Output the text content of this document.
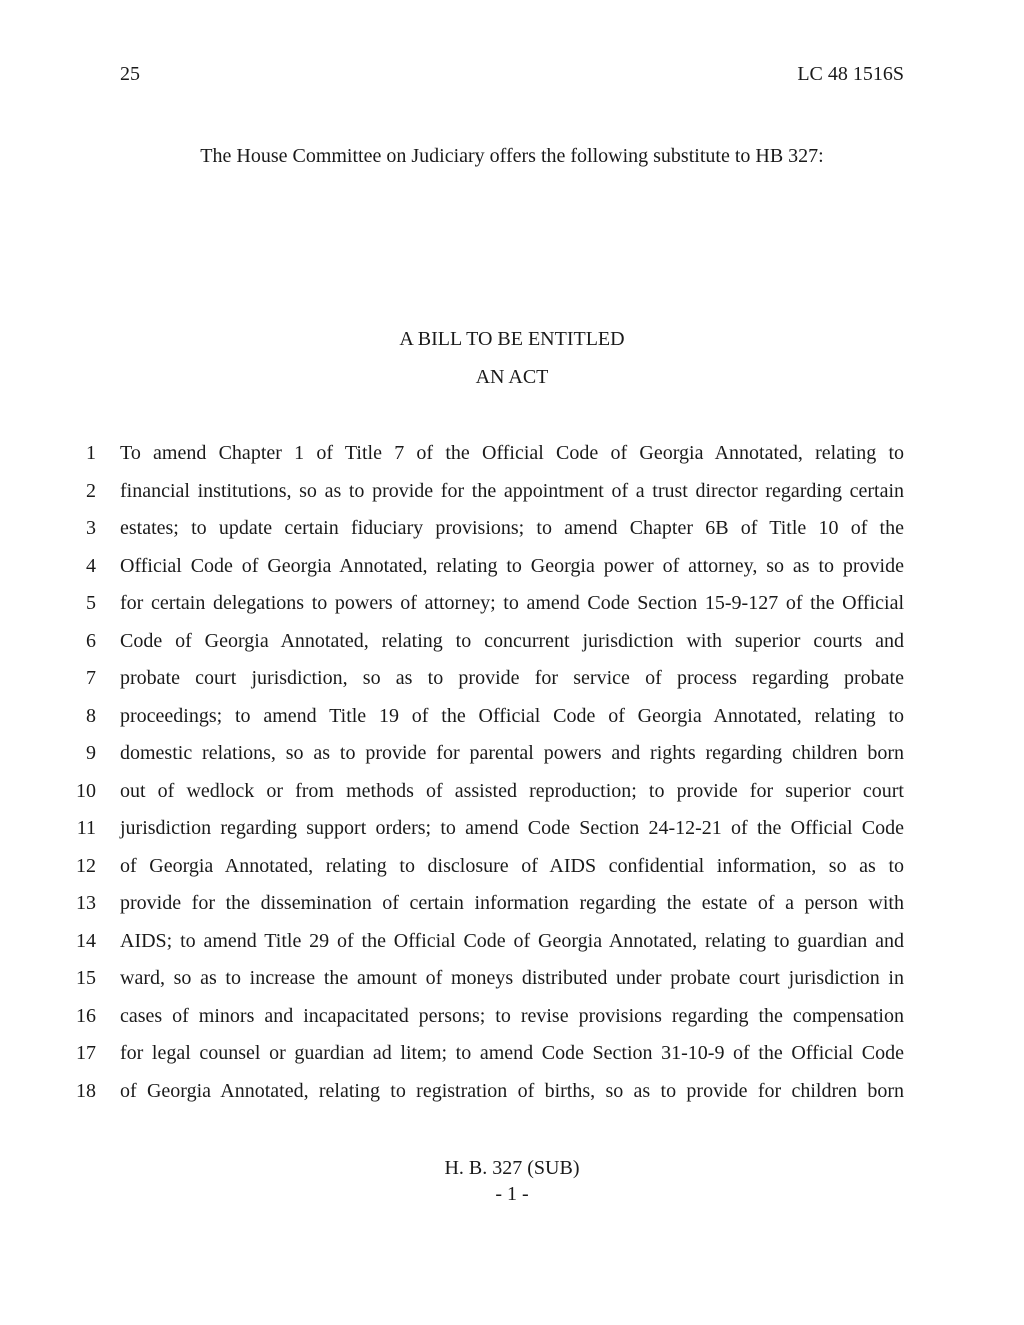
25	LC 48 1516S
The House Committee on Judiciary offers the following substitute to HB 327:
A BILL TO BE ENTITLED
AN ACT
1 To amend Chapter 1 of Title 7 of the Official Code of Georgia Annotated, relating to
2 financial institutions, so as to provide for the appointment of a trust director regarding certain
3 estates; to update certain fiduciary provisions; to amend Chapter 6B of Title 10 of the
4 Official Code of Georgia Annotated, relating to Georgia power of attorney, so as to provide
5 for certain delegations to powers of attorney; to amend Code Section 15-9-127 of the Official
6 Code of Georgia Annotated, relating to concurrent jurisdiction with superior courts and
7 probate court jurisdiction, so as to provide for service of process regarding probate
8 proceedings; to amend Title 19 of the Official Code of Georgia Annotated, relating to
9 domestic relations, so as to provide for parental powers and rights regarding children born
10 out of wedlock or from methods of assisted reproduction; to provide for superior court
11 jurisdiction regarding support orders; to amend Code Section 24-12-21 of the Official Code
12 of Georgia Annotated, relating to disclosure of AIDS confidential information, so as to
13 provide for the dissemination of certain information regarding the estate of a person with
14 AIDS; to amend Title 29 of the Official Code of Georgia Annotated, relating to guardian and
15 ward, so as to increase the amount of moneys distributed under probate court jurisdiction in
16 cases of minors and incapacitated persons; to revise provisions regarding the compensation
17 for legal counsel or guardian ad litem; to amend Code Section 31-10-9 of the Official Code
18 of Georgia Annotated, relating to registration of births, so as to provide for children born
H. B. 327 (SUB)
- 1 -
